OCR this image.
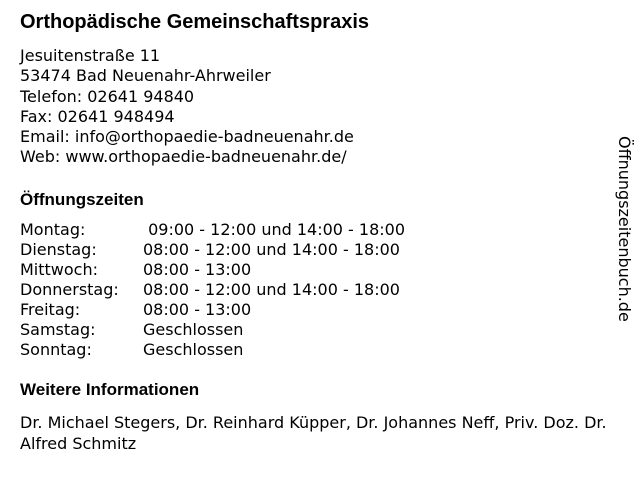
Orthopädische Gemeinschaftspraxis
Jesuitenstraße 11
53474 Bad Neuenahr-Ahrweiler
Telefon: 02641 94840
Fax: 02641 948494
Email: info@orthopaedie-badneuenahr.de
Web: www.orthopaedie-badneuenahr.de/
Öffnungszeiten
Montag:	09:00 - 12:00 und 14:00 - 18:00
Dienstag:	08:00 - 12:00 und 14:00 - 18:00
Mittwoch:	08:00 - 13:00
Donnerstag:	08:00 - 12:00 und 14:00 - 18:00
Freitag:	08:00 - 13:00
Samstag:	Geschlossen
Sonntag:	Geschlossen
Weitere Informationen
Dr. Michael Stegers, Dr. Reinhard Küpper, Dr. Johannes Neff, Priv. Doz. Dr. Alfred Schmitz
Öffnungszeitenbuch.de
